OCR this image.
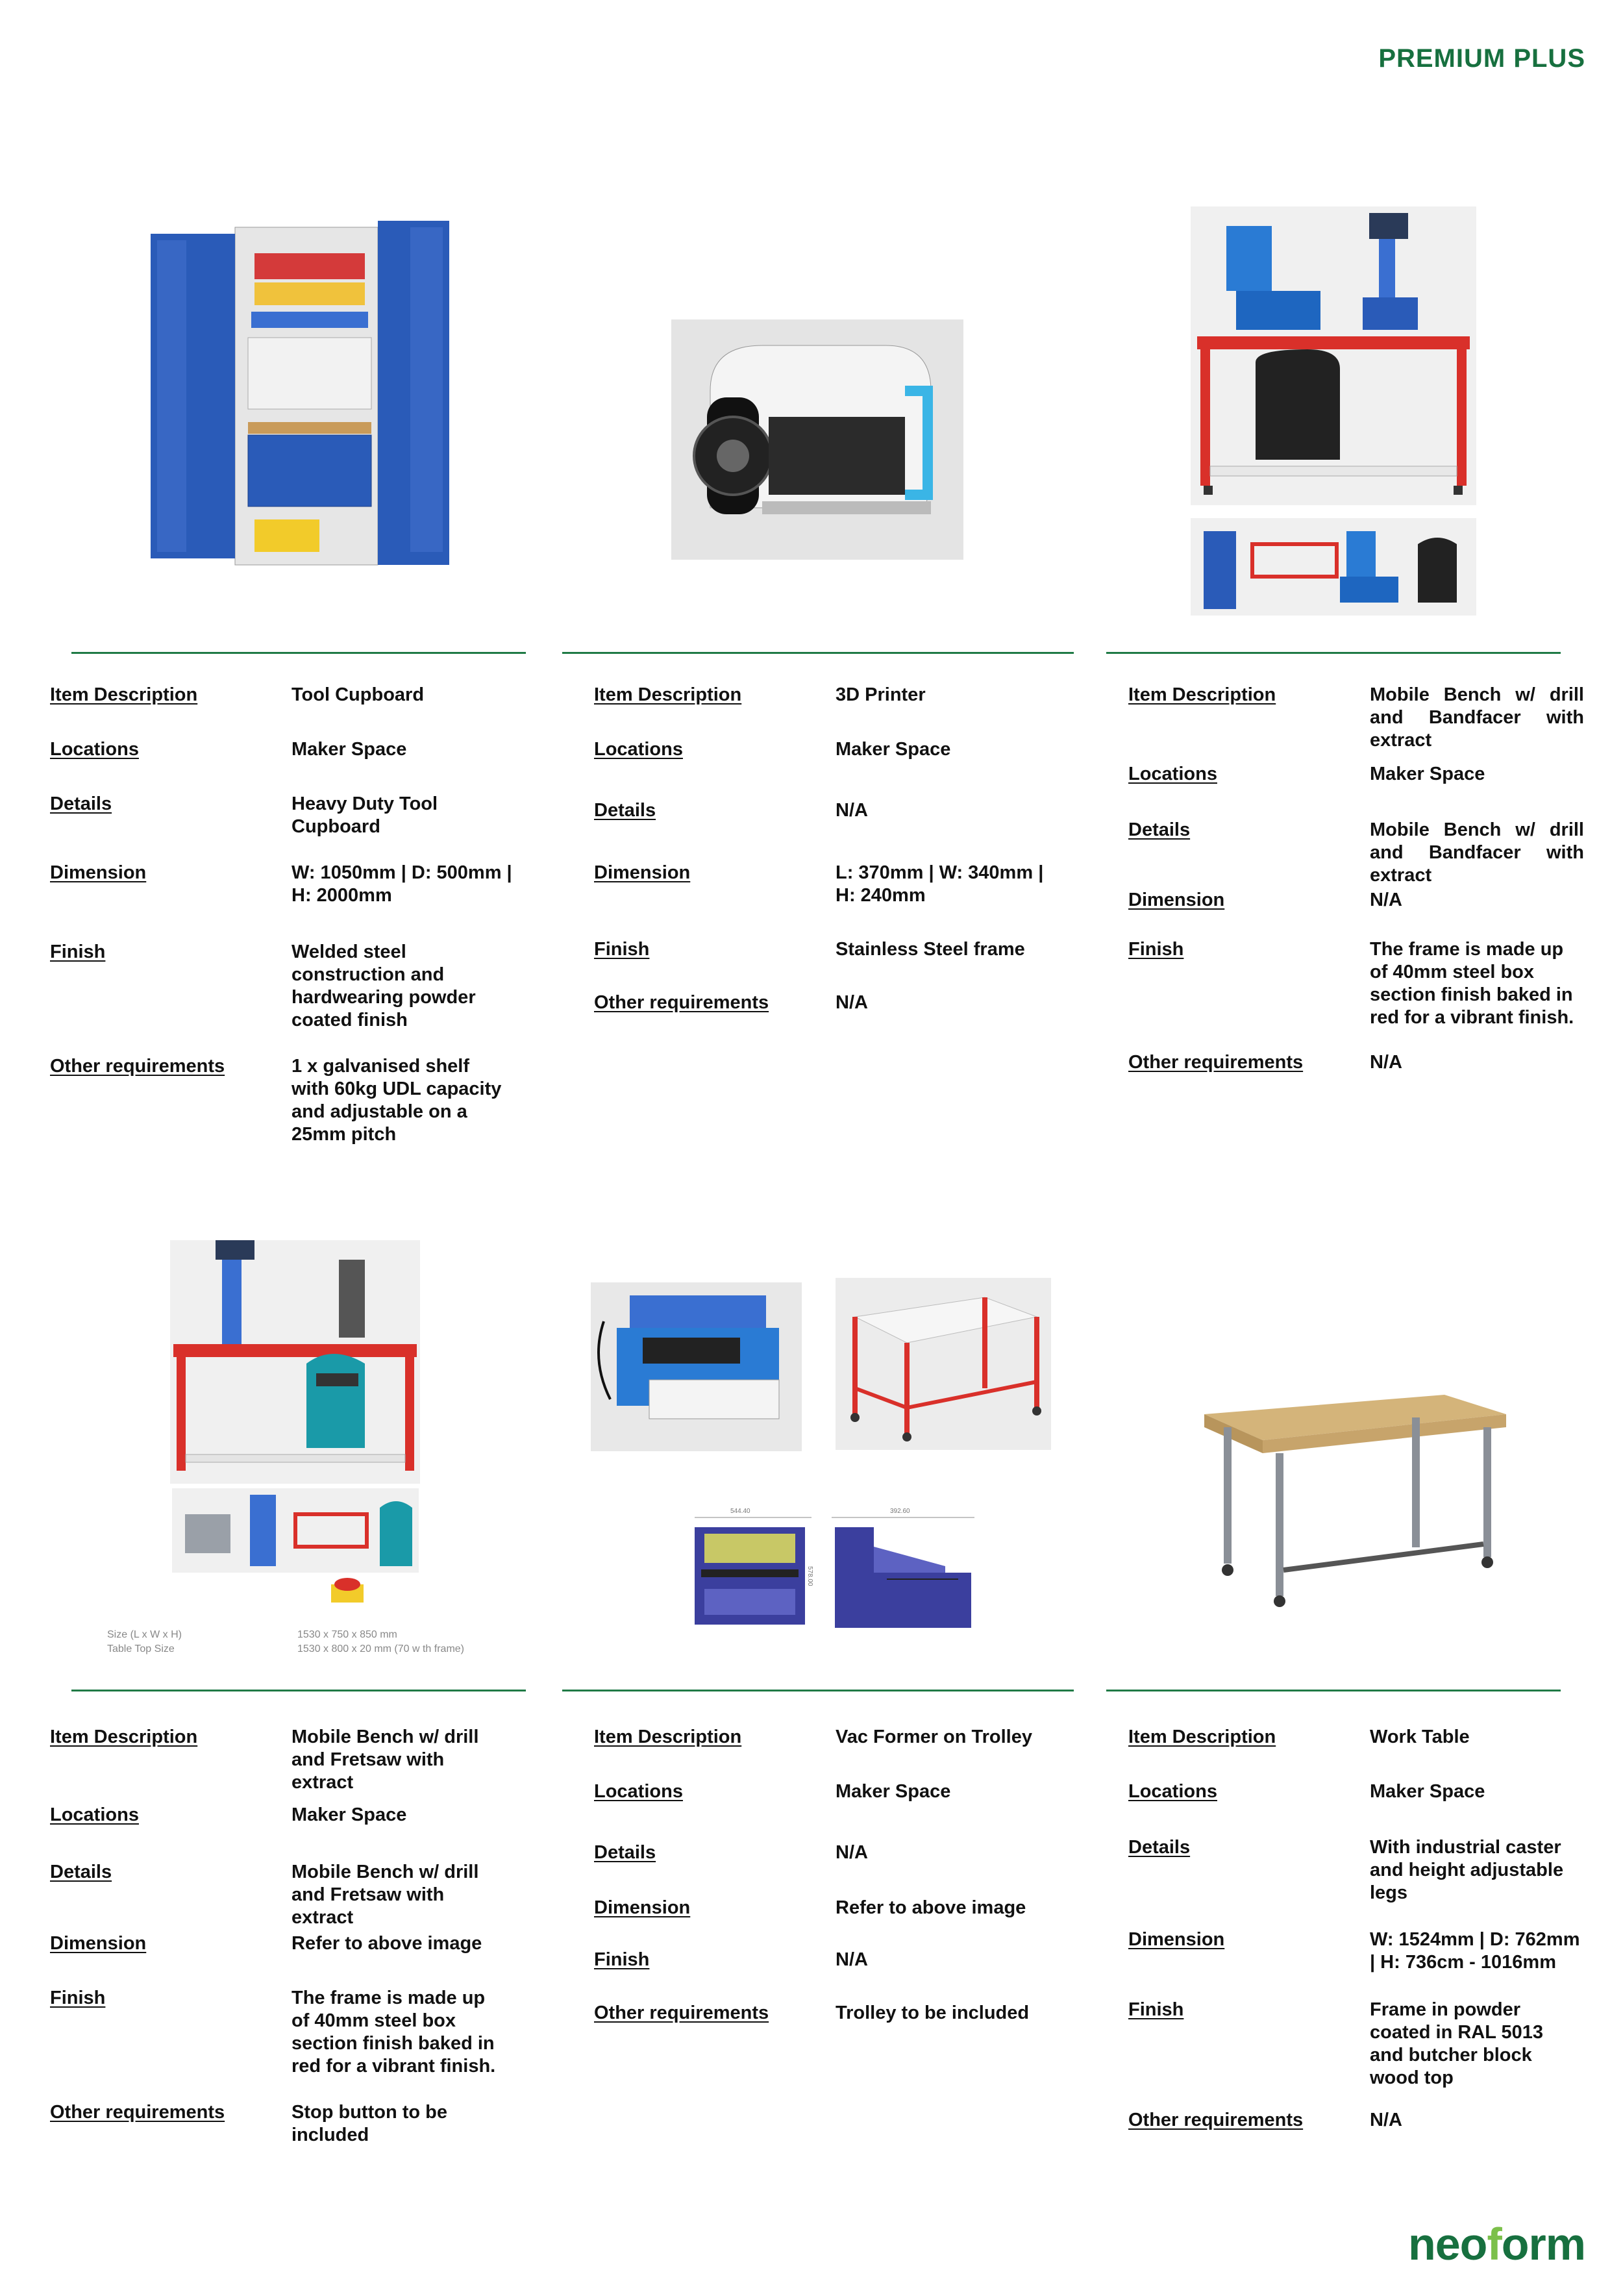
PREMIUM PLUS
Item Description	Tool Cupboard
Locations	Maker Space
Details	Heavy Duty Tool Cupboard
Dimension	W: 1050mm | D: 500mm | H: 2000mm
Finish	Welded steel construction and hardwearing powder coated finish
Other requirements	1 x galvanised shelf with 60kg UDL capacity and adjustable on a 25mm pitch
Item Description	3D Printer
Locations	Maker Space
Details	N/A
Dimension	L: 370mm | W: 340mm | H: 240mm
Finish	Stainless Steel frame
Other requirements	N/A
Item Description	Mobile Bench w/ drill and Bandfacer with extract
Locations	Maker Space
Details	Mobile Bench w/ drill and Bandfacer with extract
Dimension	N/A
Finish	The frame is made up of 40mm steel box section finish baked in red for a vibrant finish.
Other requirements	N/A
Size (L x W x H)
Table Top Size
1530 x 750 x 850 mm
1530 x 800 x 20 mm (70 w th frame)
544.40
578.00
392.60
Item Description	Mobile Bench w/ drill and Fretsaw with extract
Locations	Maker Space
Details	Mobile Bench w/ drill and Fretsaw with extract
Dimension	Refer to above image
Finish	The frame is made up of 40mm steel box section finish baked in red for a vibrant finish.
Other requirements	Stop button to be included
Item Description	Vac Former on Trolley
Locations	Maker Space
Details	N/A
Dimension	Refer to above image
Finish	N/A
Other requirements	Trolley to be included
Item Description	Work Table
Locations	Maker Space
Details	With industrial caster and height adjustable legs
Dimension	W: 1524mm | D: 762mm | H: 736cm - 1016mm
Finish	Frame in powder coated in RAL 5013 and butcher block wood top
Other requirements	N/A
neoform
